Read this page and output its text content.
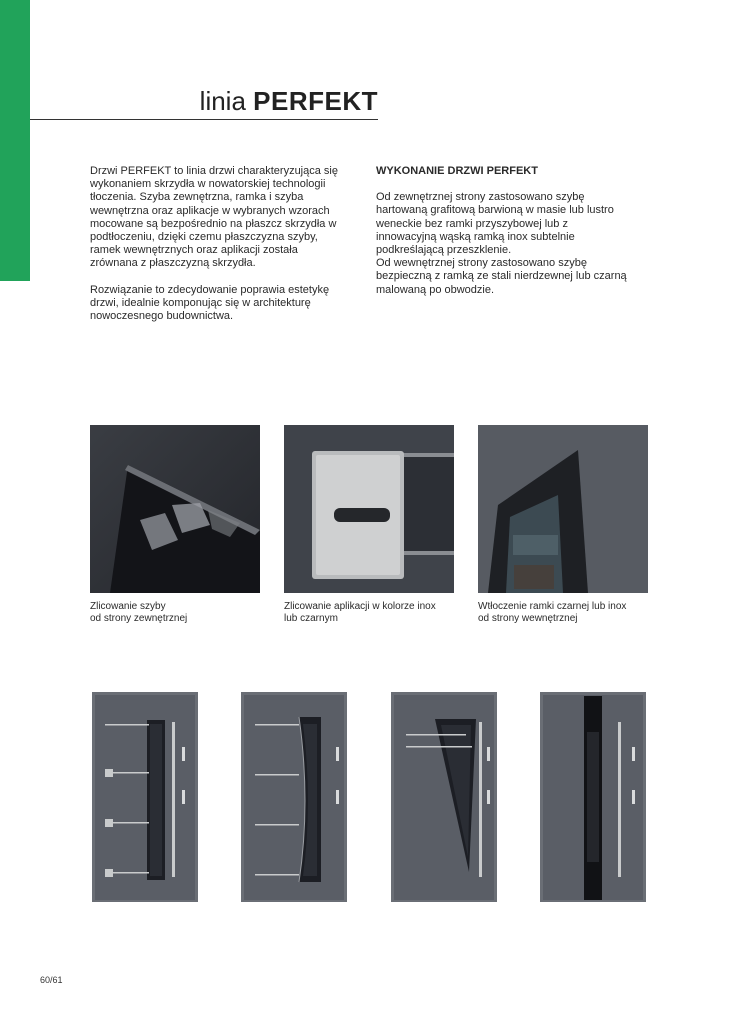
linia PERFEKT

Drzwi PERFEKT to linia drzwi charakteryzująca się
wykonaniem skrzydła w nowatorskiej technologii
tłoczenia. Szyba zewnętrzna, ramka i szyba
wewnętrzna oraz aplikacje w wybranych wzorach
mocowane są bezpośrednio na płaszcz skrzydła w
podtłoczeniu, dzięki czemu płaszczyzna szyby,
ramek wewnętrznych oraz aplikacji została
zrównana z płaszczyzną skrzydła.

Rozwiązanie to zdecydowanie poprawia estetykę
drzwi, idealnie komponując się w architekturę
nowoczesnego budownictwa.

WYKONANIE DRZWI PERFEKT

Od zewnętrznej strony zastosowano szybę
hartowaną grafitową barwioną w masie lub lustro
weneckie bez ramki przyszybowej lub z
innowacyjną wąską ramką inox subtelnie
podkreślającą przeszklenie.
Od wewnętrznej strony zastosowano szybę
bezpieczną z ramką ze stali nierdzewnej lub czarną
malowaną po obwodzie.

Zlicowanie szyby
od strony zewnętrznej
Zlicowanie aplikacji w kolorze inox
lub czarnym
Wtłoczenie ramki czarnej lub inox
od strony wewnętrznej
60/61
